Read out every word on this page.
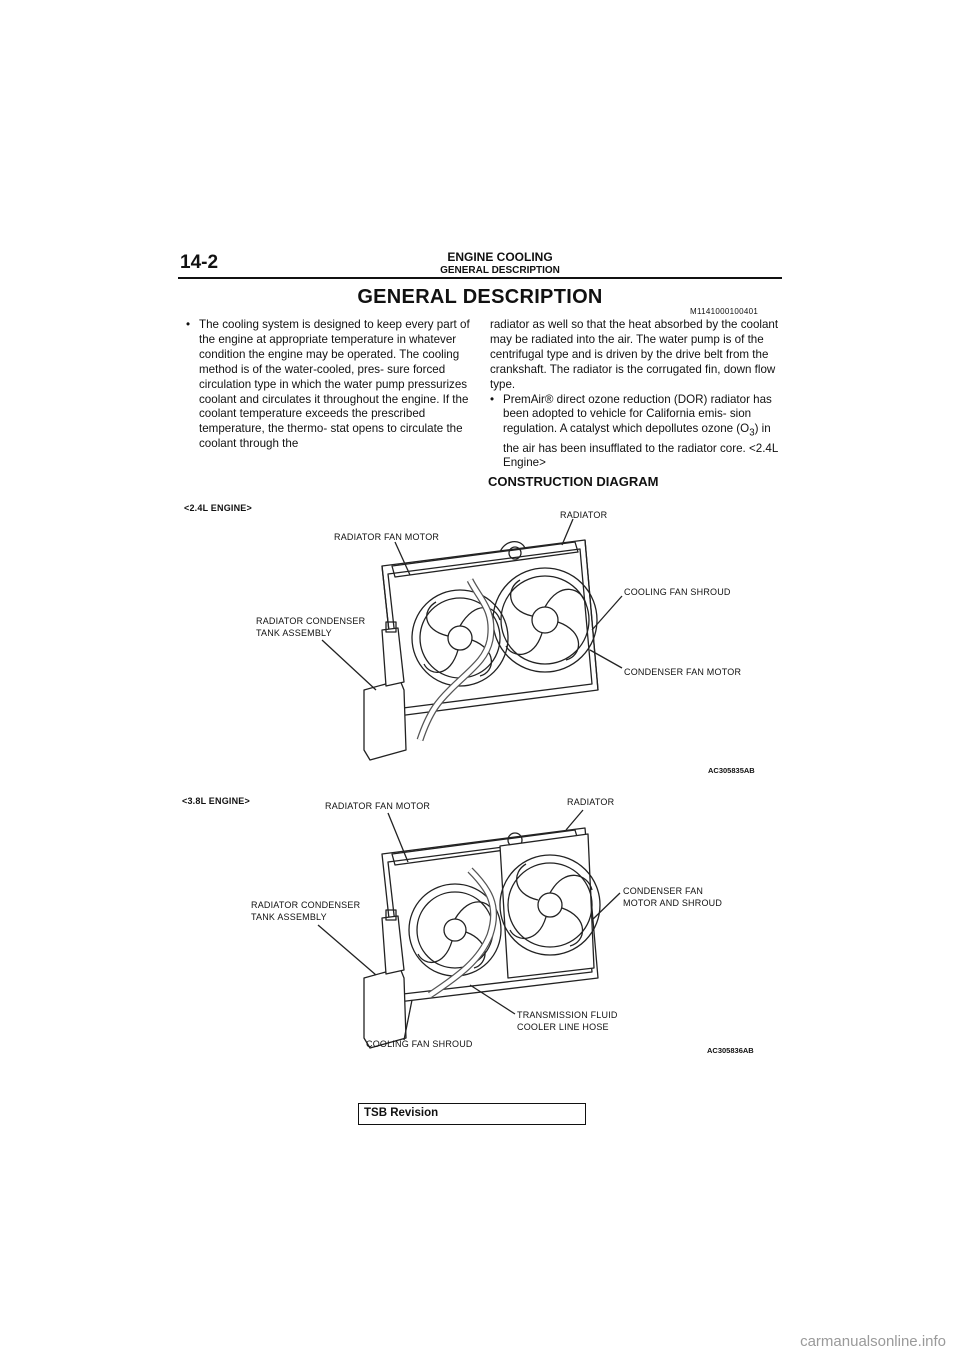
14-2	ENGINE COOLING
GENERAL DESCRIPTION
GENERAL DESCRIPTION
M1141000100401
• The cooling system is designed to keep every part of the engine at appropriate temperature in whatever condition the engine may be operated. The cooling method is of the water-cooled, pres- sure forced circulation type in which the water pump pressurizes coolant and circulates it throughout the engine. If the coolant temperature exceeds the prescribed temperature, the thermo- stat opens to circulate the coolant through the
radiator as well so that the heat absorbed by the coolant may be radiated into the air. The water pump is of the centrifugal type and is driven by the drive belt from the crankshaft. The radiator is the corrugated fin, down flow type.
• PremAir® direct ozone reduction (DOR) radiator has been adopted to vehicle for California emis- sion regulation. A catalyst which depollutes ozone $(O_3)$ in the air has been insufflated to the radiator core. <2.4L Engine>
CONSTRUCTION DIAGRAM
<2.4L ENGINE>
RADIATOR
RADIATOR FAN MOTOR
COOLING FAN SHROUD
RADIATOR CONDENSER
TANK ASSEMBLY
CONDENSER FAN MOTOR
AC305835AB
<3.8L ENGINE>	RADIATOR FAN MOTOR	RADIATOR
CONDENSER FAN
MOTOR AND SHROUD
RADIATOR CONDENSER
TANK ASSEMBLY
TRANSMISSION FLUID
COOLER LINE HOSE
COOLING FAN SHROUD
AC305836AB
TSB Revision
carmanualsonline.info
